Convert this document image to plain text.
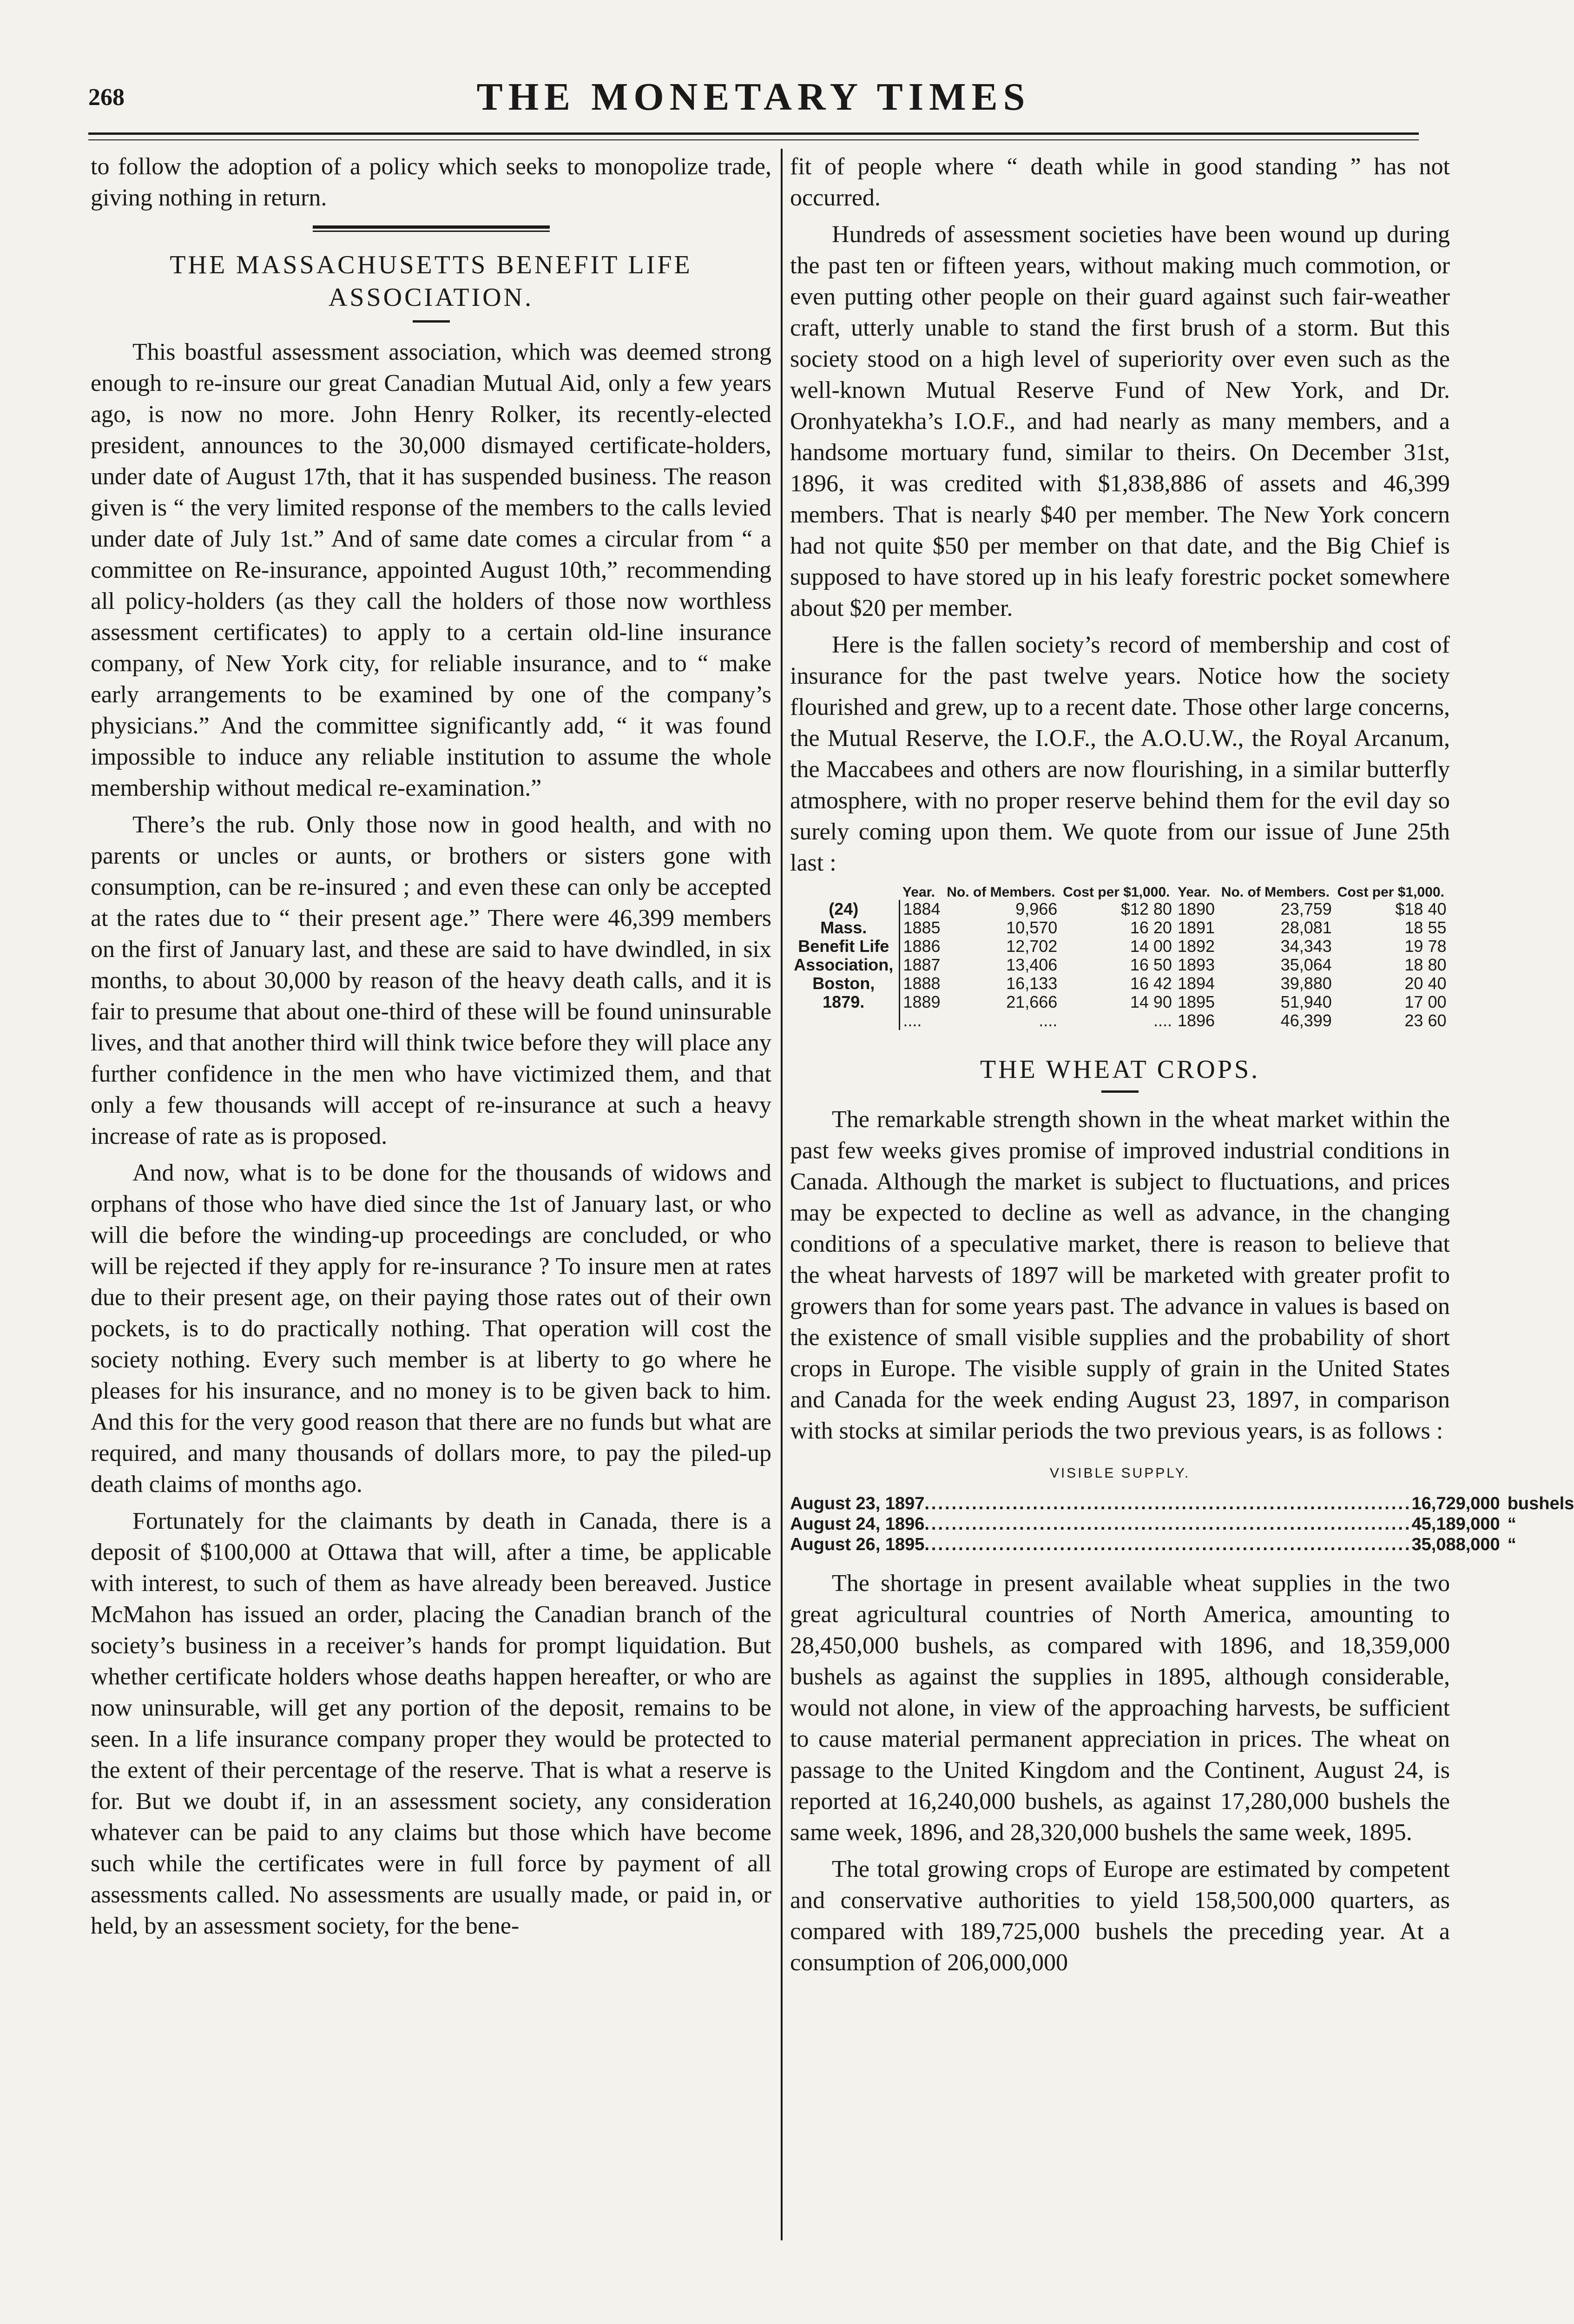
268	THE MONETARY TIMES

to follow the adoption of a policy which seeks to monopolize trade, giving nothing in return.

THE MASSACHUSETTS BENEFIT LIFE ASSOCIATION.

This boastful assessment association, which was deemed strong enough to re-insure our great Canadian Mutual Aid, only a few years ago, is now no more. John Henry Rolker, its recently-elected president, announces to the 30,000 dismayed certificate-holders, under date of August 17th, that it has suspended business. The reason given is “ the very limited response of the members to the calls levied under date of July 1st.” And of same date comes a circular from “ a committee on Re-insurance, appointed August 10th,” recommending all policy-holders (as they call the holders of those now worthless assessment certificates) to apply to a certain old-line insurance company, of New York city, for reliable insurance, and to “ make early arrangements to be examined by one of the company’s physicians.” And the committee significantly add, “ it was found impossible to induce any reliable institution to assume the whole membership without medical re-examination.”

There’s the rub. Only those now in good health, and with no parents or uncles or aunts, or brothers or sisters gone with consumption, can be re-insured ; and even these can only be accepted at the rates due to “ their present age.” There were 46,399 members on the first of January last, and these are said to have dwindled, in six months, to about 30,000 by reason of the heavy death calls, and it is fair to presume that about one-third of these will be found uninsurable lives, and that another third will think twice before they will place any further confidence in the men who have victimized them, and that only a few thousands will accept of re-insurance at such a heavy increase of rate as is proposed.

And now, what is to be done for the thousands of widows and orphans of those who have died since the 1st of January last, or who will die before the winding-up proceedings are concluded, or who will be rejected if they apply for re-insurance ? To insure men at rates due to their present age, on their paying those rates out of their own pockets, is to do practically nothing. That operation will cost the society nothing. Every such member is at liberty to go where he pleases for his insurance, and no money is to be given back to him. And this for the very good reason that there are no funds but what are required, and many thousands of dollars more, to pay the piled-up death claims of months ago.

Fortunately for the claimants by death in Canada, there is a deposit of $100,000 at Ottawa that will, after a time, be applicable with interest, to such of them as have already been bereaved. Justice McMahon has issued an order, placing the Canadian branch of the society’s business in a receiver’s hands for prompt liquidation. But whether certificate holders whose deaths happen hereafter, or who are now uninsurable, will get any portion of the deposit, remains to be seen. In a life insurance company proper they would be protected to the extent of their percentage of the reserve. That is what a reserve is for. But we doubt if, in an assessment society, any consideration whatever can be paid to any claims but those which have become such while the certificates were in full force by payment of all assessments called. No assessments are usually made, or paid in, or held, by an assessment society, for the bene-

fit of people where “ death while in good standing ” has not occurred.

Hundreds of assessment societies have been wound up during the past ten or fifteen years, without making much commotion, or even putting other people on their guard against such fair-weather craft, utterly unable to stand the first brush of a storm. But this society stood on a high level of superiority over even such as the well-known Mutual Reserve Fund of New York, and Dr. Oronhyatekha’s I.O.F., and had nearly as many members, and a handsome mortuary fund, similar to theirs. On December 31st, 1896, it was credited with $1,838,886 of assets and 46,399 members. That is nearly $40 per member. The New York concern had not quite $50 per member on that date, and the Big Chief is supposed to have stored up in his leafy forestric pocket somewhere about $20 per member.

Here is the fallen society’s record of membership and cost of insurance for the past twelve years. Notice how the society flourished and grew, up to a recent date. Those other large concerns, the Mutual Reserve, the I.O.F., the A.O.U.W., the Royal Arcanum, the Maccabees and others are now flourishing, in a similar butterfly atmosphere, with no proper reserve behind them for the evil day so surely coming upon them. We quote from our issue of June 25th last :

	Year.	No. of Members.	Cost per $1,000.	Year.	No. of Members.	Cost per $1,000.
(24)	1884	9,966	$12 80	1890	23,759	$18 40
Mass.	1885	10,570	16 20	1891	28,081	18 55
Benefit Life	1886	12,702	14 00	1892	34,343	19 78
Association,	1887	13,406	16 50	1893	35,064	18 80
Boston,	1888	16,133	16 42	1894	39,880	20 40
1879.	1889	21,666	14 90	1895	51,940	17 00
	....	....	....	1896	46,399	23 60

THE WHEAT CROPS.

The remarkable strength shown in the wheat market within the past few weeks gives promise of improved industrial conditions in Canada. Although the market is subject to fluctuations, and prices may be expected to decline as well as advance, in the changing conditions of a speculative market, there is reason to believe that the wheat harvests of 1897 will be marketed with greater profit to growers than for some years past. The advance in values is based on the existence of small visible supplies and the probability of short crops in Europe. The visible supply of grain in the United States and Canada for the week ending August 23, 1897, in comparison with stocks at similar periods the two previous years, is as follows :

VISIBLE SUPPLY.
August 23, 1897 ........................................................................ 16,729,000 bushels
August 24, 1896 ........................................................................ 45,189,000 “
August 26, 1895 ........................................................................ 35,088,000 “

The shortage in present available wheat supplies in the two great agricultural countries of North America, amounting to 28,450,000 bushels, as compared with 1896, and 18,359,000 bushels as against the supplies in 1895, although considerable, would not alone, in view of the approaching harvests, be sufficient to cause material permanent appreciation in prices. The wheat on passage to the United Kingdom and the Continent, August 24, is reported at 16,240,000 bushels, as against 17,280,000 bushels the same week, 1896, and 28,320,000 bushels the same week, 1895.

The total growing crops of Europe are estimated by competent and conservative authorities to yield 158,500,000 quarters, as compared with 189,725,000 bushels the preceding year. At a consumption of 206,000,000
